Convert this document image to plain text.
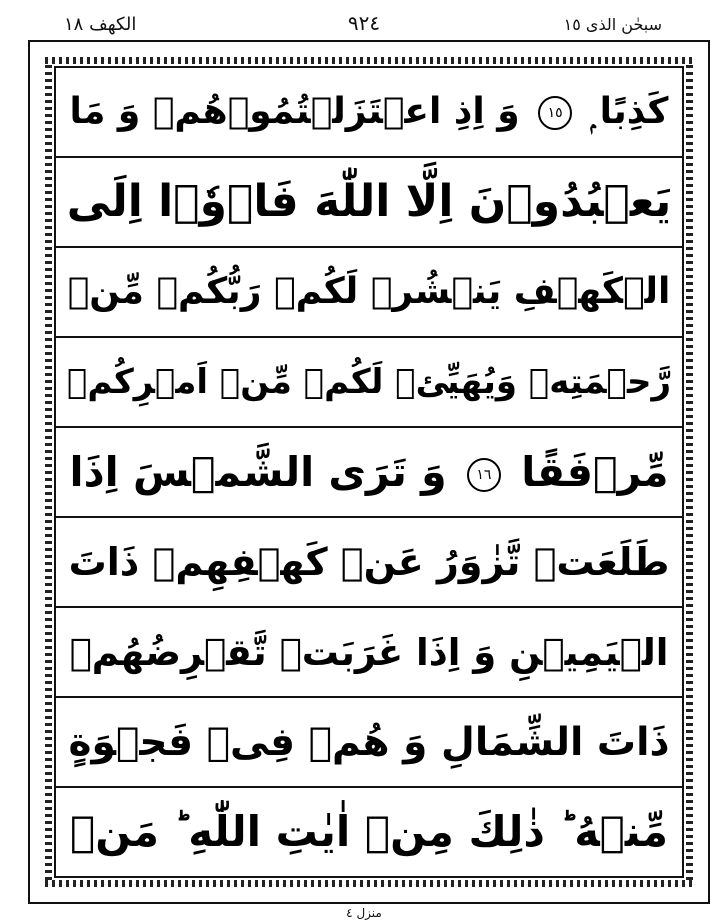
الکھف ١٨	٩٢٤	سبحٰن الذی ١٥
کَذِبًا ۭ ١٥ وَ اِذِ اعۡتَزَلۡتُمُوۡهُمۡ وَ مَا
يَعۡبُدُوۡنَ اِلَّا اللّٰهَ فَاۡوٗۤا اِلَى
الۡكَهۡفِ يَنۡشُرۡ لَكُمۡ رَبُّكُمۡ مِّنۡ
رَّحۡمَتِهٖ وَيُهَيِّئۡ لَكُمۡ مِّنۡ اَمۡرِكُمۡ
مِّرۡفَقًا ١٦ وَ تَرَى الشَّمۡسَ اِذَا
طَلَعَتۡ تَّزٰوَرُ عَنۡ كَهۡفِهِمۡ ذَاتَ
الۡيَمِيۡنِ وَ اِذَا غَرَبَتۡ تَّقۡرِضُهُمۡ
ذَاتَ الشِّمَالِ وَ هُمۡ فِىۡ فَجۡوَةٍ
مِّنۡهُ ؕ ذٰلِكَ مِنۡ اٰيٰتِ اللّٰهِ ؕ مَنۡ
منزل ٤
